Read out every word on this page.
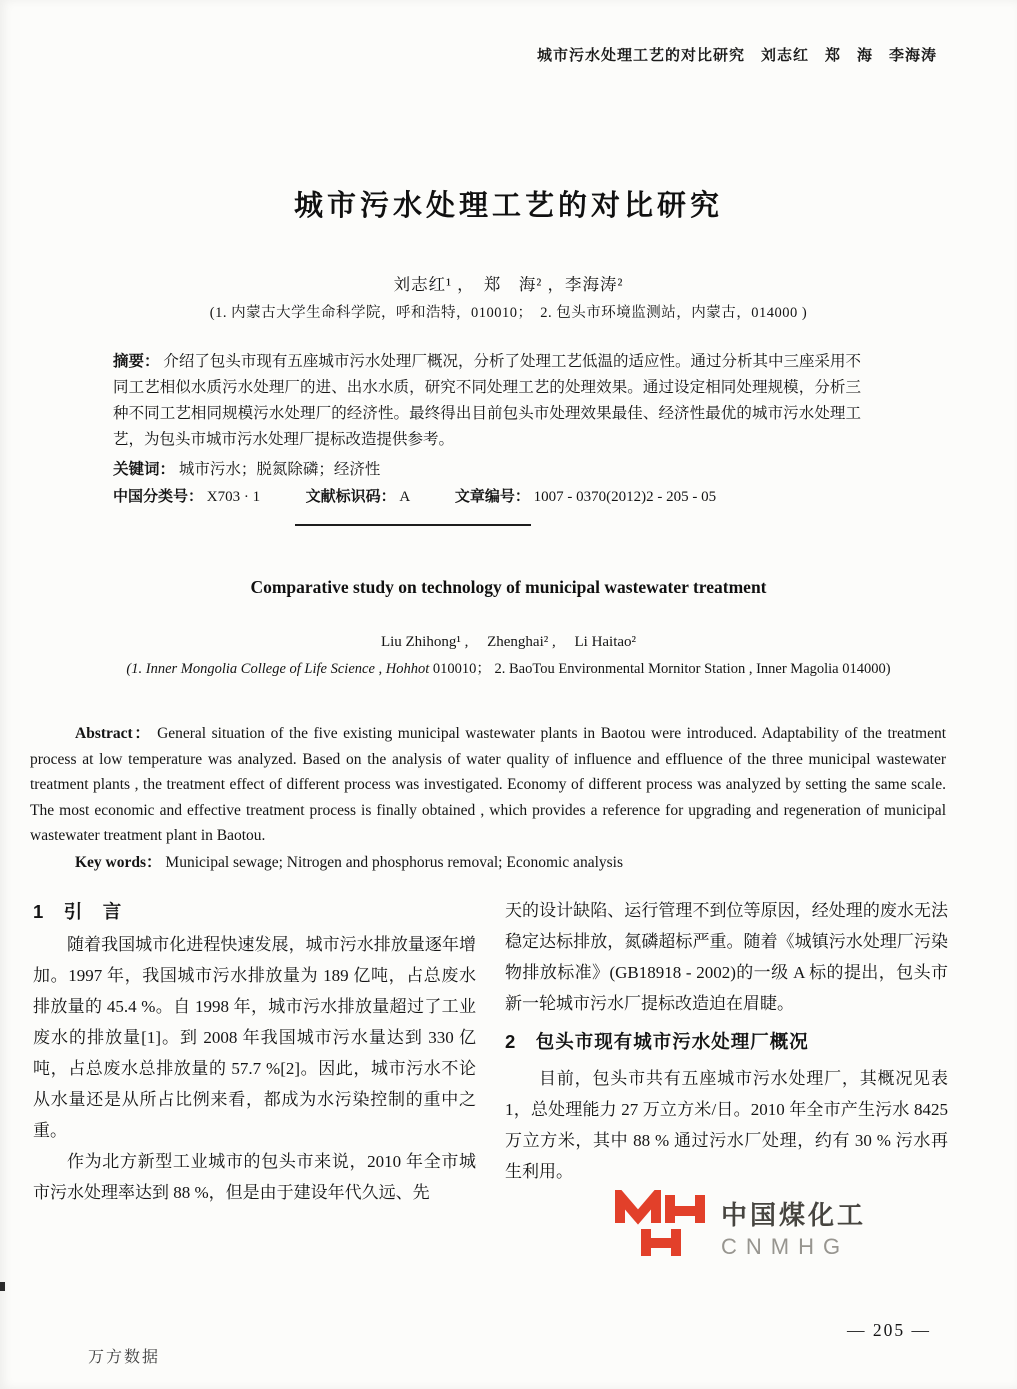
城市污水处理工艺的对比研究　刘志红　郑　海　李海涛
城市污水处理工艺的对比研究
刘志红¹ ，　郑　海² ，李海涛²
(1. 内蒙古大学生命科学院，呼和浩特，010010；　2. 包头市环境监测站，内蒙古，014000 )
摘要： 介绍了包头市现有五座城市污水处理厂概况，分析了处理工艺低温的适应性。通过分析其中三座采用不同工艺相似水质污水处理厂的进、出水水质，研究不同处理工艺的处理效果。通过设定相同处理规模，分析三种不同工艺相同规模污水处理厂的经济性。最终得出目前包头市处理效果最佳、经济性最优的城市污水处理工艺，为包头市城市污水处理厂提标改造提供参考。
关键词： 城市污水；脱氮除磷；经济性
中国分类号： X703 · 1	文献标识码： A	文章编号： 1007 - 0370(2012)2 - 205 - 05
Comparative study on technology of municipal wastewater treatment
Liu Zhihong¹ ,　 Zhenghai² ,　 Li Haitao²
(1. Inner Mongolia College of Life Science , Hohhot 010010； 2. BaoTou Environmental Mornitor Station , Inner Magolia 014000)
Abstract： General situation of the five existing municipal wastewater plants in Baotou were introduced. Adaptability of the treatment process at low temperature was analyzed. Based on the analysis of water quality of influence and effluence of the three municipal wastewater treatment plants , the treatment effect of different process was investigated. Economy of different process was analyzed by setting the same scale. The most economic and effective treatment process is finally obtained , which provides a reference for upgrading and regeneration of municipal wastewater treatment plant in Baotou.
Key words： Municipal sewage; Nitrogen and phosphorus removal; Economic analysis
1　引　言

随着我国城市化进程快速发展，城市污水排放量逐年增加。1997 年，我国城市污水排放量为 189 亿吨，占总废水排放量的 45.4 %。自 1998 年，城市污水排放量超过了工业废水的排放量[1]。到 2008 年我国城市污水量达到 330 亿吨，占总废水总排放量的 57.7 %[2]。因此，城市污水不论从水量还是从所占比例来看，都成为水污染控制的重中之重。

作为北方新型工业城市的包头市来说，2010 年全市城市污水处理率达到 88 %，但是由于建设年代久远、先

天的设计缺陷、运行管理不到位等原因，经处理的废水无法稳定达标排放，氮磷超标严重。随着《城镇污水处理厂污染物排放标准》(GB18918 - 2002)的一级 A 标的提出，包头市新一轮城市污水厂提标改造迫在眉睫。

2　包头市现有城市污水处理厂概况

目前，包头市共有五座城市污水处理厂，其概况见表 1，总处理能力 27 万立方米/日。2010 年全市产生污水 8425 万立方米，其中 88 % 通过污水厂处理，约有 30 % 污水再生利用。

中国煤化工
CNMHG
— 205 —
万方数据
